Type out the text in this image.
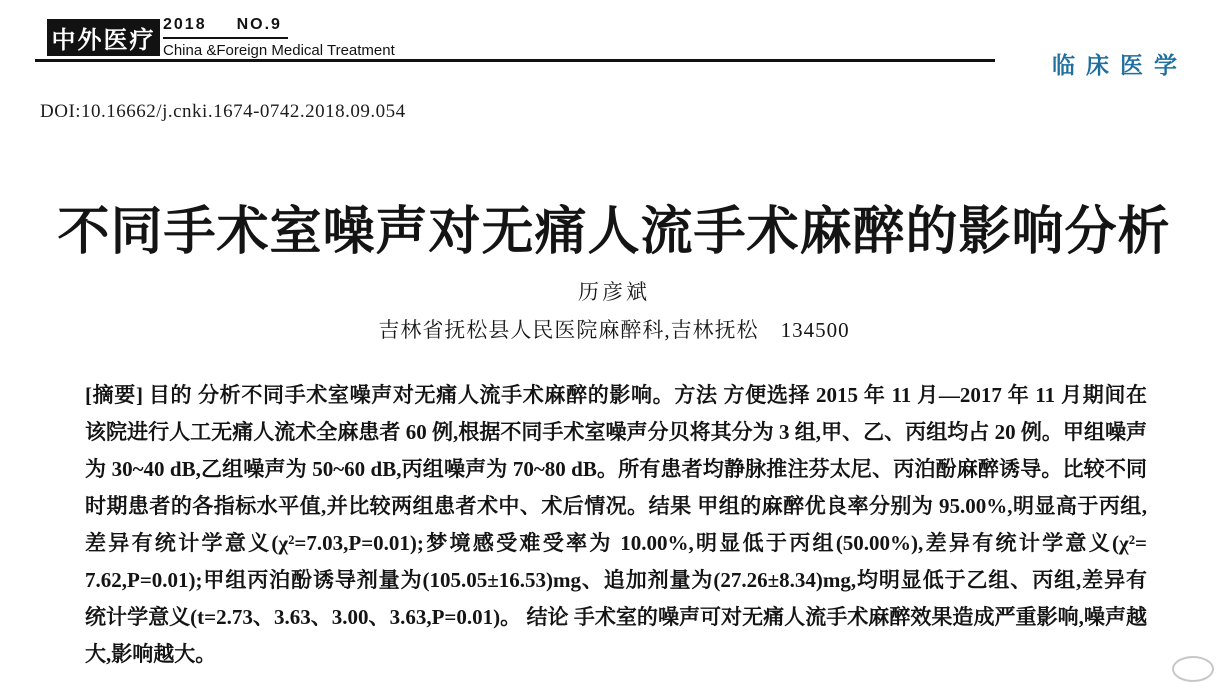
中外医疗
2018 NO.9
China &Foreign Medical Treatment
临床医学
DOI:10.16662/j.cnki.1674-0742.2018.09.054
不同手术室噪声对无痛人流手术麻醉的影响分析
历彦斌
吉林省抚松县人民医院麻醉科,吉林抚松　134500
[摘要] 目的 分析不同手术室噪声对无痛人流手术麻醉的影响。方法 方便选择 2015 年 11 月—2017 年 11 月期间在
该院进行人工无痛人流术全麻患者 60 例,根据不同手术室噪声分贝将其分为 3 组,甲、乙、丙组均占 20 例。甲组噪声
为 30~40 dB,乙组噪声为 50~60 dB,丙组噪声为 70~80 dB。所有患者均静脉推注芬太尼、丙泊酚麻醉诱导。比较不同
时期患者的各指标水平值,并比较两组患者术中、术后情况。结果 甲组的麻醉优良率分别为 95.00%,明显高于丙组,
差异有统计学意义(χ²=7.03,P=0.01);梦境感受难受率为 10.00%,明显低于丙组(50.00%),差异有统计学意义(χ²=
7.62,P=0.01);甲组丙泊酚诱导剂量为(105.05±16.53)mg、追加剂量为(27.26±8.34)mg,均明显低于乙组、丙组,差异有
统计学意义(t=2.73、3.63、3.00、3.63,P=0.01)。 结论 手术室的噪声可对无痛人流手术麻醉效果造成严重影响,噪声越
大,影响越大。
